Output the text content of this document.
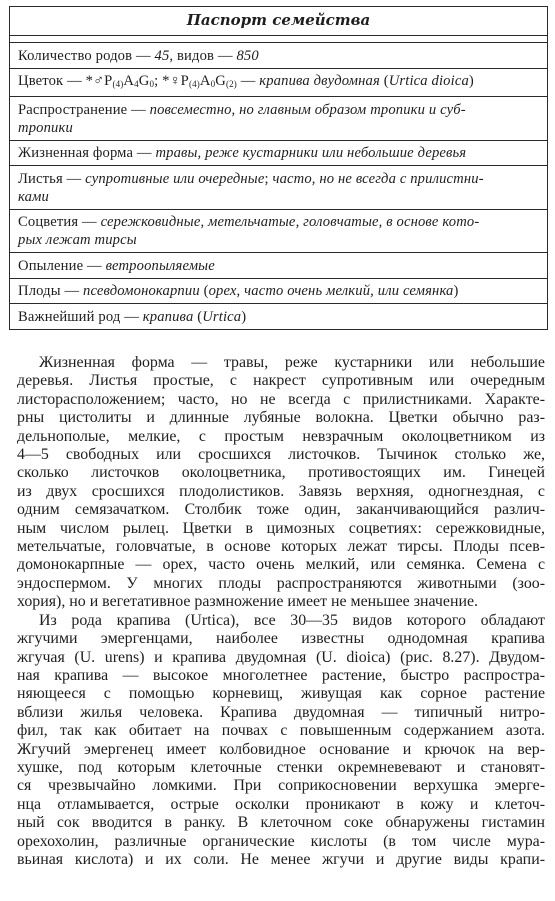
Паспорт семейства
Количество родов — 45, видов — 850
Цветок — $*♂P_{(4)}A_4G_0$; $*♀P_{(4)}A_0G_{(2)}$ — крапива двудомная (Urtica dioica)
Распространение — повсеместно, но главным образом тропики и суб-
тропики
Жизненная форма — травы, реже кустарники или небольшие деревья
Листья — супротивные или очередные; часто, но не всегда с прилистни-
ками
Соцветия — сережковидные, метельчатые, головчатые, в основе кото-
рых лежат тирсы
Опыление — ветроопыляемые
Плоды — псевдомонокарпии (орех, часто очень мелкий, или семянка)
Важнейший род — крапива (Urtica)

Жизненная форма — травы, реже кустарники или небольшие
деревья. Листья простые, с накрест супротивным или очередным
листорасположением; часто, но не всегда с прилистниками. Характе-
рны цистолиты и длинные лубяные волокна. Цветки обычно раз-
дельнополые, мелкие, с простым невзрачным околоцветником из
4—5 свободных или сросшихся листочков. Тычинок столько же,
сколько листочков околоцветника, противостоящих им. Гинецей
из двух сросшихся плодолистиков. Завязь верхняя, одногнездная, с
одним семязачатком. Столбик тоже один, заканчивающийся различ-
ным числом рылец. Цветки в цимозных соцветиях: сережковидные,
метельчатые, головчатые, в основе которых лежат тирсы. Плоды псев-
домонокарпные — орех, часто очень мелкий, или семянка. Семена с
эндоспермом. У многих плоды распространяются животными (зоо-
хория), но и вегетативное размножение имеет не меньшее значение.

Из рода крапива (Urtica), все 30—35 видов которого обладают
жгучими эмергенцами, наиболее известны однодомная крапива
жгучая (U. urens) и крапива двудомная (U. dioica) (рис. 8.27). Двудом-
ная крапива — высокое многолетнее растение, быстро распростра-
няющееся с помощью корневищ, живущая как сорное растение
вблизи жилья человека. Крапива двудомная — типичный нитро-
фил, так как обитает на почвах с повышенным содержанием азота.
Жгучий эмергенец имеет колбовидное основание и крючок на вер-
хушке, под которым клеточные стенки окремневевают и становят-
ся чрезвычайно ломкими. При соприкосновении верхушка эмерге-
нца отламывается, острые осколки проникают в кожу и клеточ-
ный сок вводится в ранку. В клеточном соке обнаружены гистамин
орехохолин, различные органические кислоты (в том числе мура-
вьиная кислота) и их соли. Не менее жгучи и другие виды крапи-
